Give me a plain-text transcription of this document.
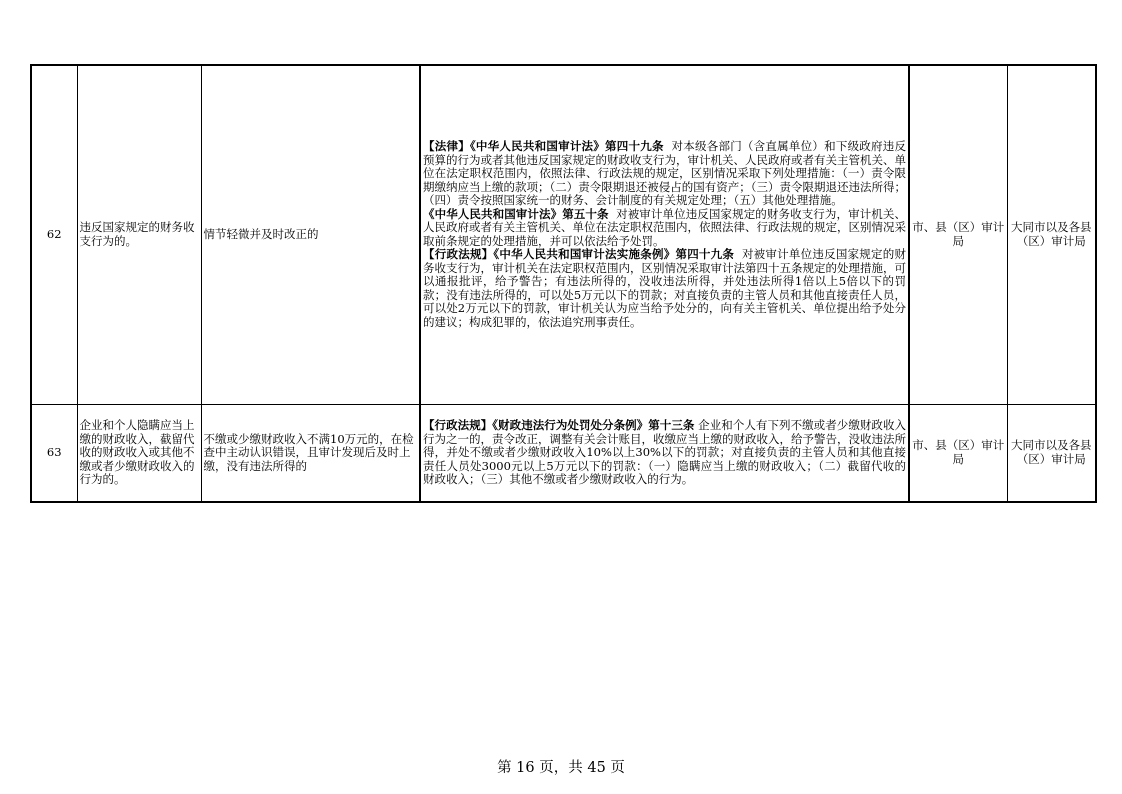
62	违反国家规定的财务收支行为的。	情节轻微并及时改正的	【法律】《中华人民共和国审计法》第四十九条 对本级各部门（含直属单位）和下级政府违反预算的行为或者其他违反国家规定的财政收支行为，审计机关、人民政府或者有关主管机关、单位在法定职权范围内，依照法律、行政法规的规定，区别情况采取下列处理措施：（一）责令限期缴纳应当上缴的款项；（二）责令限期退还被侵占的国有资产；（三）责令限期退还违法所得；（四）责令按照国家统一的财务、会计制度的有关规定处理；（五）其他处理措施。
《中华人民共和国审计法》第五十条 对被审计单位违反国家规定的财务收支行为，审计机关、人民政府或者有关主管机关、单位在法定职权范围内，依照法律、行政法规的规定，区别情况采取前条规定的处理措施，并可以依法给予处罚。
【行政法规】《中华人民共和国审计法实施条例》第四十九条 对被审计单位违反国家规定的财务收支行为，审计机关在法定职权范围内，区别情况采取审计法第四十五条规定的处理措施，可以通报批评，给予警告；有违法所得的，没收违法所得，并处违法所得1倍以上5倍以下的罚款；没有违法所得的，可以处5万元以下的罚款；对直接负责的主管人员和其他直接责任人员，可以处2万元以下的罚款，审计机关认为应当给予处分的，向有关主管机关、单位提出给予处分的建议；构成犯罪的，依法追究刑事责任。	市、县（区）审计局	大同市以及各县（区）审计局
63	企业和个人隐瞒应当上缴的财政收入，截留代收的财政收入或其他不缴或者少缴财政收入的行为的。	不缴或少缴财政收入不满10万元的，在检查中主动认识错误，且审计发现后及时上缴，没有违法所得的	【行政法规】《财政违法行为处罚处分条例》第十三条 企业和个人有下列不缴或者少缴财政收入行为之一的，责令改正，调整有关会计账目，收缴应当上缴的财政收入，给予警告，没收违法所得，并处不缴或者少缴财政收入10%以上30%以下的罚款；对直接负责的主管人员和其他直接责任人员处3000元以上5万元以下的罚款：（一）隐瞒应当上缴的财政收入；（二）截留代收的财政收入；（三）其他不缴或者少缴财政收入的行为。	市、县（区）审计局	大同市以及各县（区）审计局
第 16 页，共 45 页
